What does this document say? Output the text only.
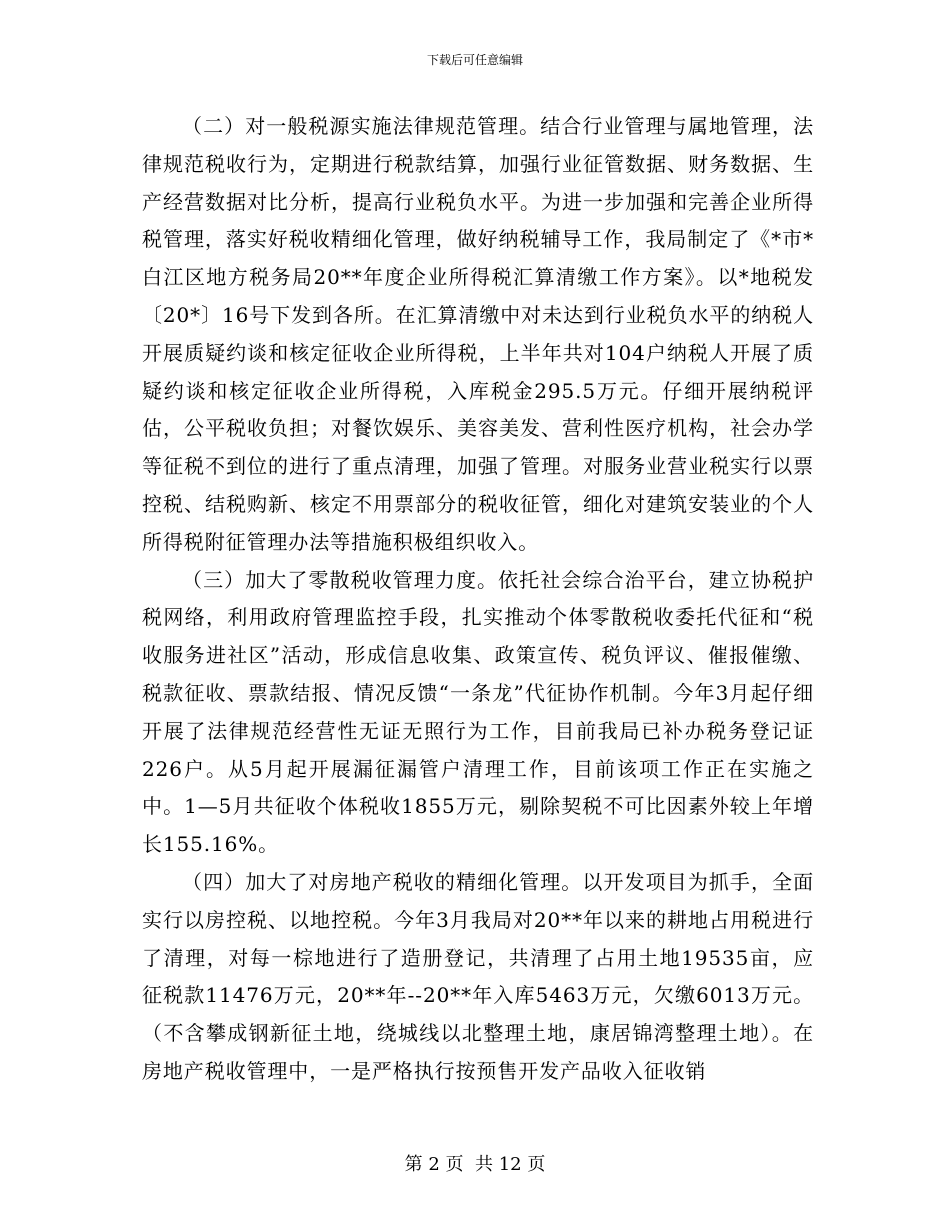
下载后可任意编辑

（二）对一般税源实施法律规范管理。结合行业管理与属地管理，法律规范税收行为，定期进行税款结算，加强行业征管数据、财务数据、生产经营数据对比分析，提高行业税负水平。为进一步加强和完善企业所得税管理，落实好税收精细化管理，做好纳税辅导工作，我局制定了《*市*白江区地方税务局20**年度企业所得税汇算清缴工作方案》。以*地税发〔20*〕16号下发到各所。在汇算清缴中对未达到行业税负水平的纳税人开展质疑约谈和核定征收企业所得税，上半年共对104户纳税人开展了质疑约谈和核定征收企业所得税，入库税金295.5万元。仔细开展纳税评估，公平税收负担；对餐饮娱乐、美容美发、营利性医疗机构，社会办学等征税不到位的进行了重点清理，加强了管理。对服务业营业税实行以票控税、结税购新、核定不用票部分的税收征管，细化对建筑安装业的个人所得税附征管理办法等措施积极组织收入。

（三）加大了零散税收管理力度。依托社会综合治平台，建立协税护税网络，利用政府管理监控手段，扎实推动个体零散税收委托代征和“税收服务进社区”活动，形成信息收集、政策宣传、税负评议、催报催缴、税款征收、票款结报、情况反馈“一条龙”代征协作机制。今年3月起仔细开展了法律规范经营性无证无照行为工作，目前我局已补办税务登记证226户。从5月起开展漏征漏管户清理工作，目前该项工作正在实施之中。1—5月共征收个体税收1855万元，剔除契税不可比因素外较上年增长155.16%。

（四）加大了对房地产税收的精细化管理。以开发项目为抓手，全面实行以房控税、以地控税。今年3月我局对20**年以来的耕地占用税进行了清理，对每一棕地进行了造册登记，共清理了占用土地19535亩，应征税款11476万元，20**年--20**年入库5463万元，欠缴6013万元。（不含攀成钢新征土地，绕城线以北整理土地，康居锦湾整理土地）。在房地产税收管理中，一是严格执行按预售开发产品收入征收销

第 2 页  共 12 页
